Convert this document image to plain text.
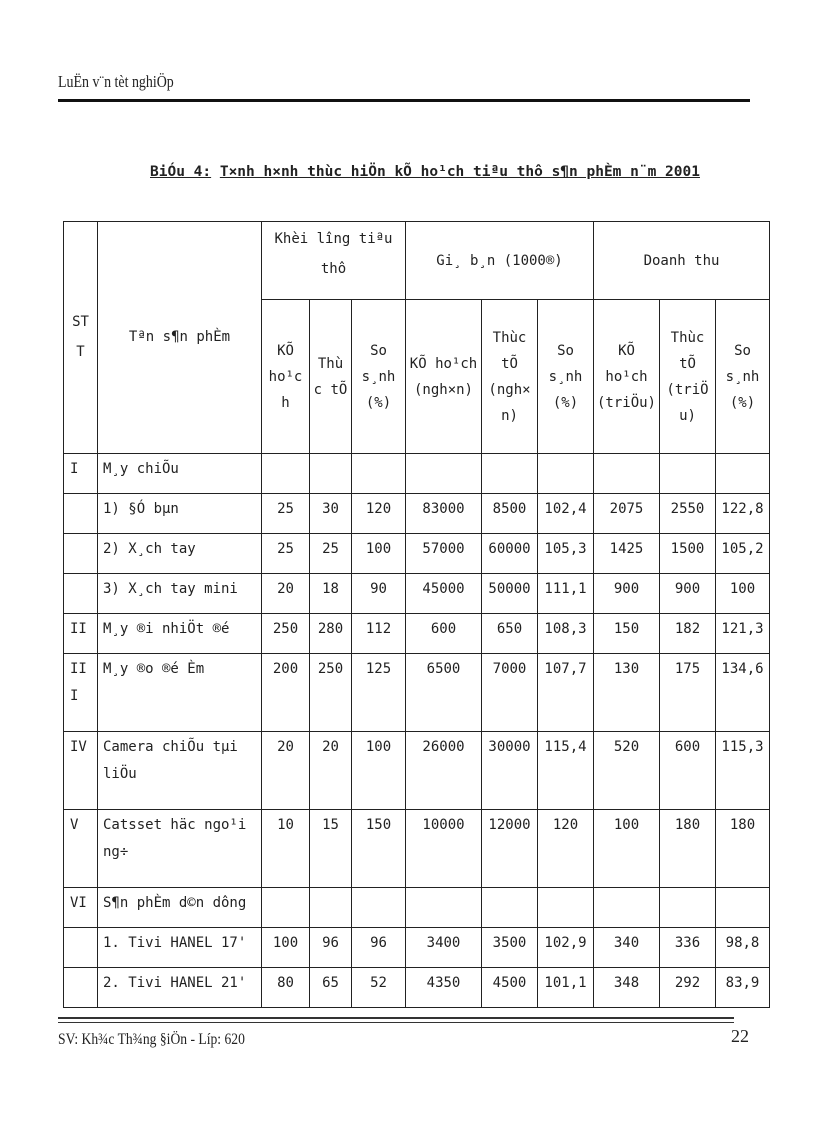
LuËn v¨n tèt nghiÖp
BiÓu 4: T×nh h×nh thùc hiÖn kÕ ho¹ch tiªu thô s¶n phÈm n¨m 2001
ST T	Tªn s¶n phÈm	Khèi lîng tiªu thô			Gi¸ b¸n (1000®)			Doanh thu		
		KÕ ho¹c h	Thù c tÕ	So s¸nh (%)	KÕ ho¹ch (ngh×n)	Thùc tÕ (ngh× n)	So s¸nh (%)	KÕ ho¹ch (triÖu)	Thùc tÕ (triÖ u)	So s¸nh (%)
I	M¸y chiÕu									
	1) §Ó bµn	25	30	120	83000	8500	102,4	2075	2550	122,8
	2) X¸ch tay	25	25	100	57000	60000	105,3	1425	1500	105,2
	3) X¸ch tay mini	20	18	90	45000	50000	111,1	900	900	100
II	M¸y ®i nhiÖt ®é	250	280	112	600	650	108,3	150	182	121,3
II I	M¸y ®o ®é Èm	200	250	125	6500	7000	107,7	130	175	134,6
IV	Camera chiÕu tµi liÖu	20	20	100	26000	30000	115,4	520	600	115,3
V	Catsset häc ngo¹i ng÷	10	15	150	10000	12000	120	100	180	180
VI	S¶n phÈm d©n dông									
	1. Tivi HANEL 17'	100	96	96	3400	3500	102,9	340	336	98,8
	2. Tivi HANEL 21'	80	65	52	4350	4500	101,1	348	292	83,9
SV: Kh¾c Th¾ng §iÖn - Líp: 620	22
